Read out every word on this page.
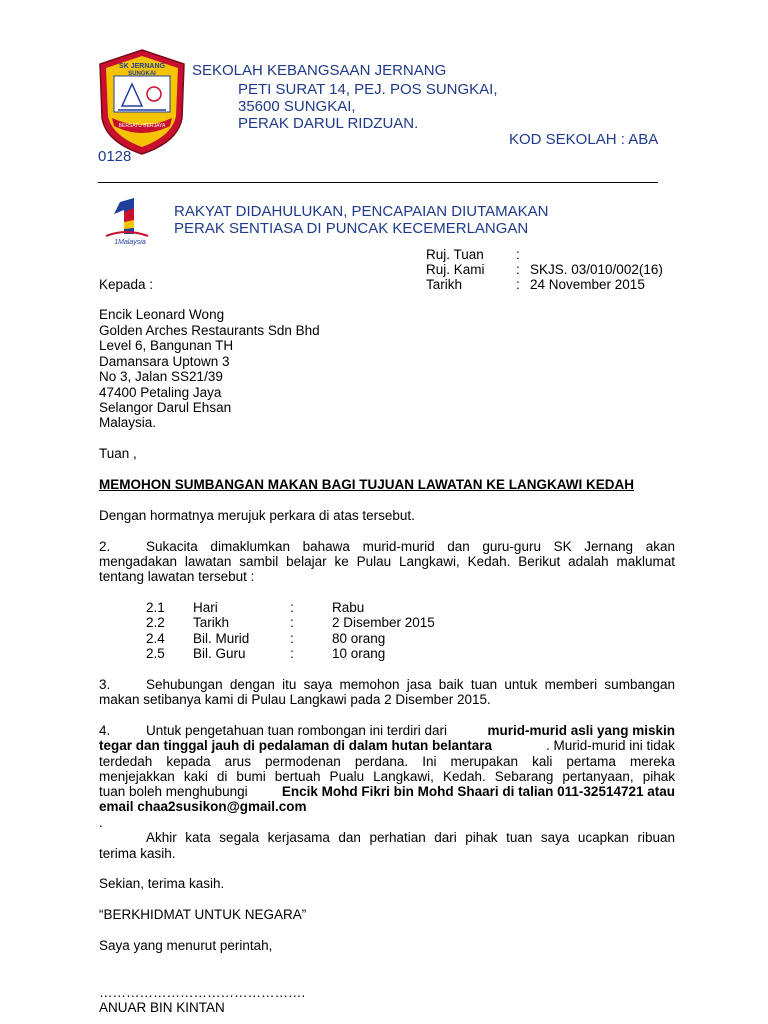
SK JERNANG
SUNGKAI
BERSATU BERJAYA
SEKOLAH KEBANGSAAN JERNANG
PETI SURAT 14, PEJ. POS SUNGKAI,
35600 SUNGKAI,
PERAK DARUL RIDZUAN.
KOD SEKOLAH : ABA
0128
1Malaysia
RAKYAT DIDAHULUKAN, PENCAPAIAN DIUTAMAKAN
PERAK SENTIASA DI PUNCAK KECEMERLANGAN
Ruj. Tuan :
Ruj. Kami : SKJS. 03/010/002(16)
Kepada :	Tarikh	: 24 November 2015
Encik Leonard Wong
Golden Arches Restaurants Sdn Bhd
Level 6, Bangunan TH
Damansara Uptown 3
No 3, Jalan SS21/39
47400 Petaling Jaya
Selangor Darul Ehsan
Malaysia.
Tuan ,
MEMOHON SUMBANGAN MAKAN BAGI TUJUAN LAWATAN KE LANGKAWI KEDAH
Dengan hormatnya merujuk perkara di atas tersebut.
2.	Sukacita dimaklumkan bahawa murid-murid dan guru-guru SK Jernang akan
mengadakan lawatan sambil belajar ke Pulau Langkawi, Kedah. Berikut adalah maklumat
tentang lawatan tersebut :
2.1 Hari	:	Rabu
2.2 Tarikh	:	2 Disember 2015
2.4 Bil. Murid	:	80 orang
2.5 Bil. Guru	:	10 orang
3.	Sehubungan dengan itu saya memohon jasa baik tuan untuk memberi sumbangan
makan setibanya kami di Pulau Langkawi pada 2 Disember 2015.
4.	Untuk pengetahuan tuan rombongan ini terdiri dari	murid-murid asli yang miskin
tegar dan tinggal jauh di pedalaman di dalam hutan belantara	. Murid-murid ini tidak
terdedah kepada arus permodenan perdana. Ini merupakan kali pertama mereka
menjejakkan kaki di bumi bertuah Pualu Langkawi, Kedah. Sebarang pertanyaan, pihak
tuan boleh menghubungi Encik Mohd Fikri bin Mohd Shaari di talian 011-32514721 atau
email chaa2susikon@gmail.com
.
Akhir kata segala kerjasama dan perhatian dari pihak tuan saya ucapkan ribuan
terima kasih.
Sekian, terima kasih.
“BERKHIDMAT UNTUK NEGARA”
Saya yang menurut perintah,
……………………………………….
ANUAR BIN KINTAN
